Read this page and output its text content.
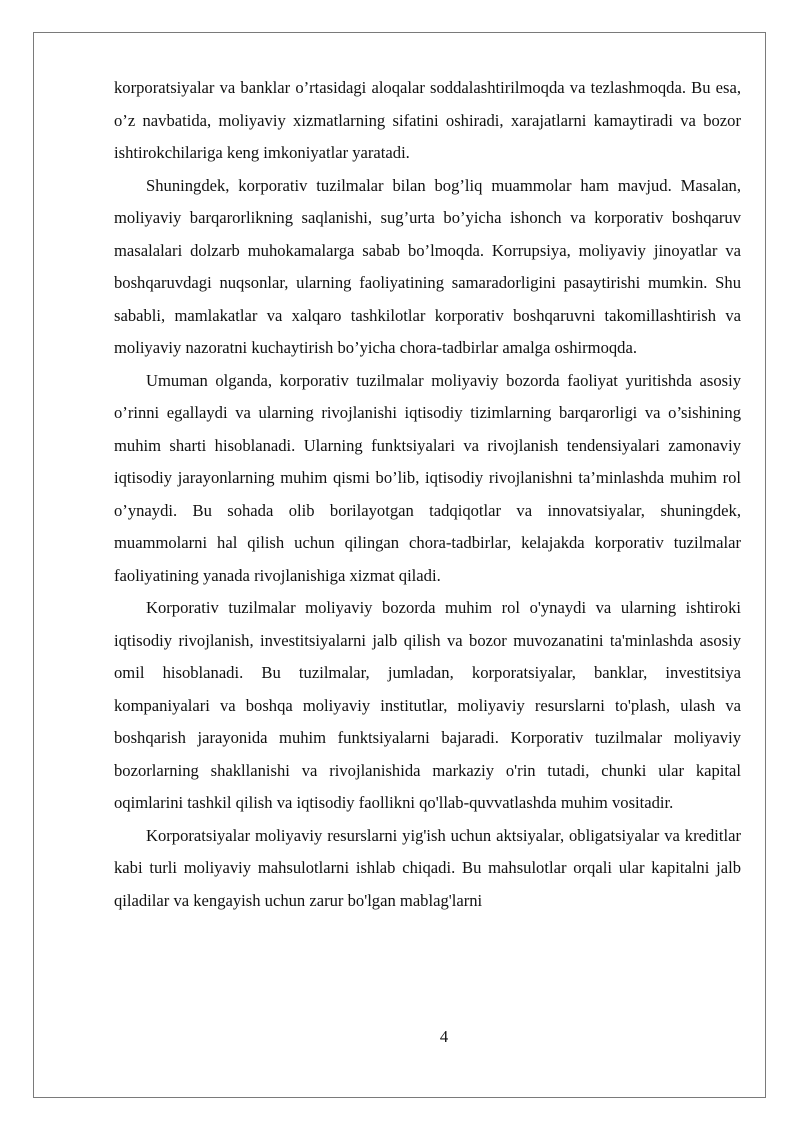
korporatsiyalar va banklar o’rtasidagi aloqalar soddalashtirilmoqda va tezlashmoqda. Bu esa, o’z navbatida, moliyaviy xizmatlarning sifatini oshiradi, xarajatlarni kamaytiradi va bozor ishtirokchilariga keng imkoniyatlar yaratadi.

Shuningdek, korporativ tuzilmalar bilan bog’liq muammolar ham mavjud. Masalan, moliyaviy barqarorlikning saqlanishi, sug’urta bo’yicha ishonch va korporativ boshqaruv masalalari dolzarb muhokamalarga sabab bo’lmoqda. Korrupsiya, moliyaviy jinoyatlar va boshqaruvdagi nuqsonlar, ularning faoliyatining samaradorligini pasaytirishi mumkin. Shu sababli, mamlakatlar va xalqaro tashkilotlar korporativ boshqaruvni takomillashtirish va moliyaviy nazoratni kuchaytirish bo’yicha chora-tadbirlar amalga oshirmoqda.

Umuman olganda, korporativ tuzilmalar moliyaviy bozorda faoliyat yuritishda asosiy o’rinni egallaydi va ularning rivojlanishi iqtisodiy tizimlarning barqarorligi va o’sishining muhim sharti hisoblanadi. Ularning funktsiyalari va rivojlanish tendensiyalari zamonaviy iqtisodiy jarayonlarning muhim qismi bo’lib, iqtisodiy rivojlanishni ta’minlashda muhim rol o’ynaydi. Bu sohada olib borilayotgan tadqiqotlar va innovatsiyalar, shuningdek, muammolarni hal qilish uchun qilingan chora-tadbirlar, kelajakda korporativ tuzilmalar faoliyatining yanada rivojlanishiga xizmat qiladi.

Korporativ tuzilmalar moliyaviy bozorda muhim rol o'ynaydi va ularning ishtiroki iqtisodiy rivojlanish, investitsiyalarni jalb qilish va bozor muvozanatini ta'minlashda asosiy omil hisoblanadi. Bu tuzilmalar, jumladan, korporatsiyalar, banklar, investitsiya kompaniyalari va boshqa moliyaviy institutlar, moliyaviy resurslarni to'plash, ulash va boshqarish jarayonida muhim funktsiyalarni bajaradi. Korporativ tuzilmalar moliyaviy bozorlarning shakllanishi va rivojlanishida markaziy o'rin tutadi, chunki ular kapital oqimlarini tashkil qilish va iqtisodiy faollikni qo'llab-quvvatlashda muhim vositadir.

Korporatsiyalar moliyaviy resurslarni yig'ish uchun aktsiyalar, obligatsiyalar va kreditlar kabi turli moliyaviy mahsulotlarni ishlab chiqadi. Bu mahsulotlar orqali ular kapitalni jalb qiladilar va kengayish uchun zarur bo'lgan mablag'larni

4
